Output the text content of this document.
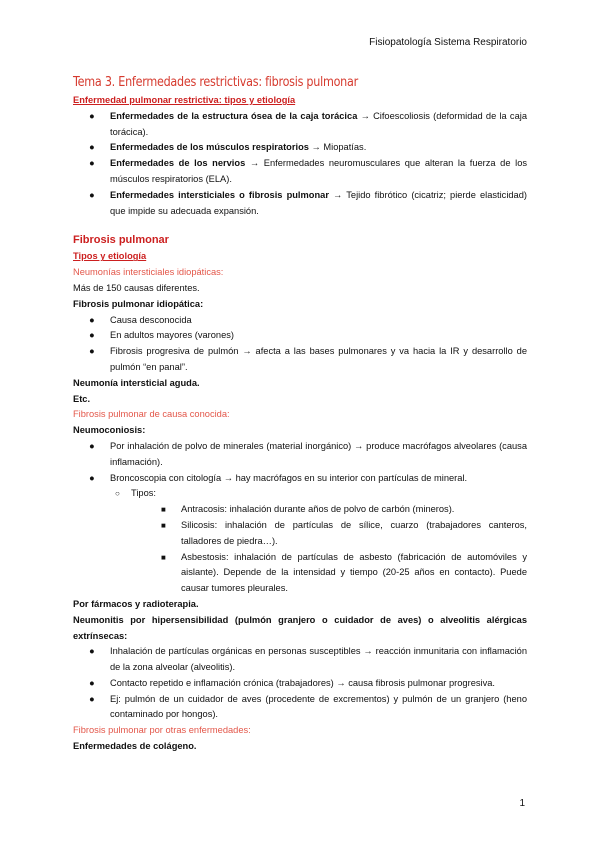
Fisiopatología Sistema Respiratorio
Tema 3. Enfermedades restrictivas: fibrosis pulmonar
Enfermedad pulmonar restrictiva: tipos y etiología
● Enfermedades de la estructura ósea de la caja torácica → Cifoescoliosis (deformidad de la caja torácica).
● Enfermedades de los músculos respiratorios → Miopatías.
● Enfermedades de los nervios → Enfermedades neuromusculares que alteran la fuerza de los músculos respiratorios (ELA).
● Enfermedades intersticiales o fibrosis pulmonar → Tejido fibrótico (cicatriz; pierde elasticidad) que impide su adecuada expansión.
Fibrosis pulmonar
Tipos y etiología
Neumonías intersticiales idiopáticas:
Más de 150 causas diferentes.
Fibrosis pulmonar idiopática:
● Causa desconocida
● En adultos mayores (varones)
● Fibrosis progresiva de pulmón → afecta a las bases pulmonares y va hacia la IR y desarrollo de pulmón “en panal”.
Neumonía intersticial aguda.
Etc.
Fibrosis pulmonar de causa conocida:
Neumoconiosis:
● Por inhalación de polvo de minerales (material inorgánico) → produce macrófagos alveolares (causa inflamación).
● Broncoscopia con citología → hay macrófagos en su interior con partículas de mineral.
○ Tipos:
■ Antracosis: inhalación durante años de polvo de carbón (mineros).
■ Silicosis: inhalación de partículas de sílice, cuarzo (trabajadores canteros, talladores de piedra…).
■ Asbestosis: inhalación de partículas de asbesto (fabricación de automóviles y aislante). Depende de la intensidad y tiempo (20-25 años en contacto). Puede causar tumores pleurales.
Por fármacos y radioterapia.
Neumonitis por hipersensibilidad (pulmón granjero o cuidador de aves) o alveolitis alérgicas extrínsecas:
● Inhalación de partículas orgánicas en personas susceptibles → reacción inmunitaria con inflamación de la zona alveolar (alveolitis).
● Contacto repetido e inflamación crónica (trabajadores) → causa fibrosis pulmonar progresiva.
● Ej: pulmón de un cuidador de aves (procedente de excrementos) y pulmón de un granjero (heno contaminado por hongos).
Fibrosis pulmonar por otras enfermedades:
Enfermedades de colágeno.
1
